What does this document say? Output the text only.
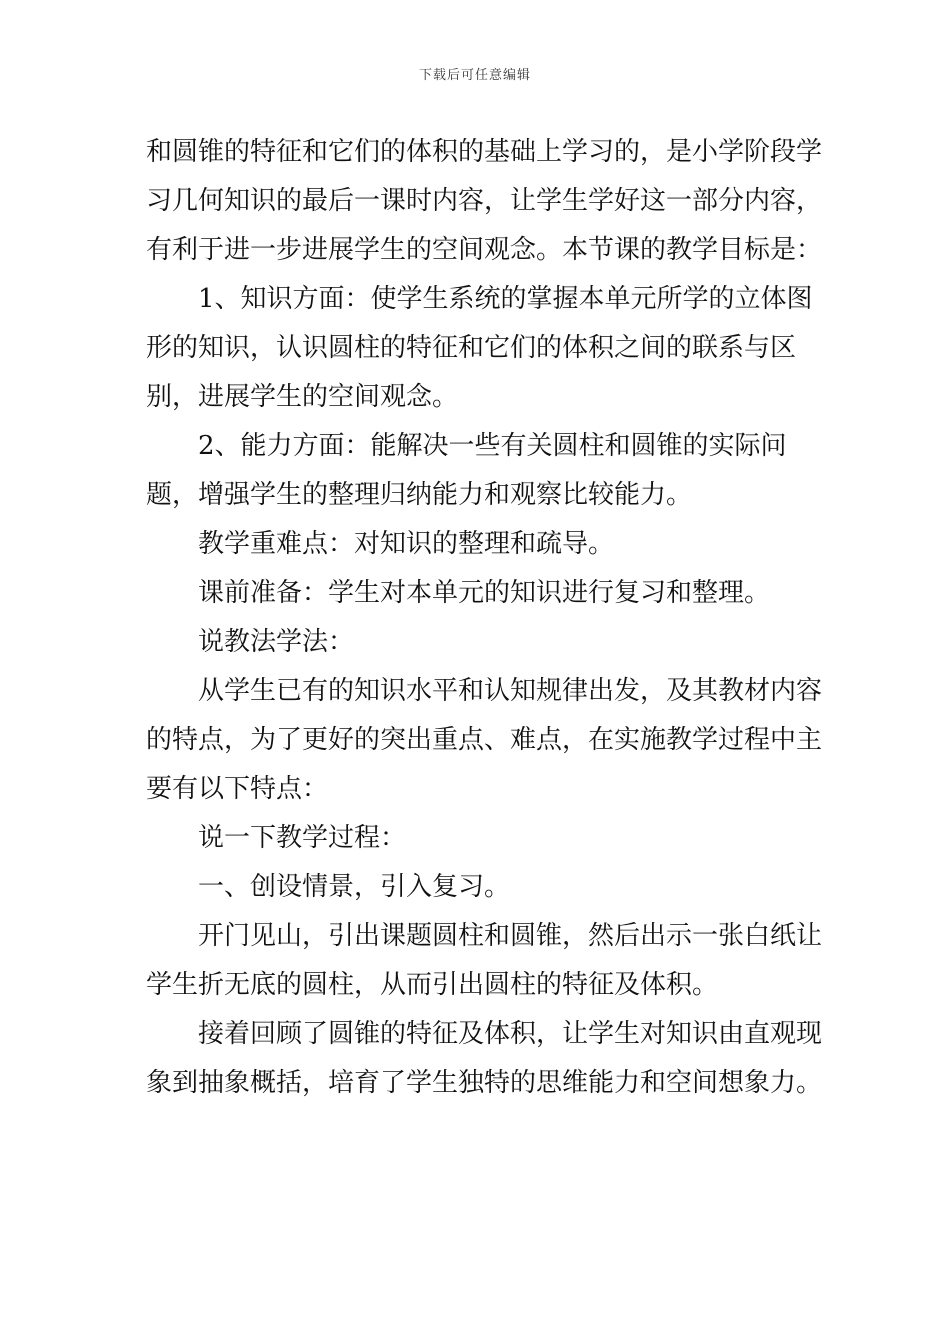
下载后可任意编辑

和圆锥的特征和它们的体积的基础上学习的，是小学阶段学习几何知识的最后一课时内容，让学生学好这一部分内容，有利于进一步进展学生的空间观念。本节课的教学目标是：

1、知识方面：使学生系统的掌握本单元所学的立体图形的知识，认识圆柱的特征和它们的体积之间的联系与区别，进展学生的空间观念。

2、能力方面：能解决一些有关圆柱和圆锥的实际问题，增强学生的整理归纳能力和观察比较能力。

教学重难点：对知识的整理和疏导。

课前准备：学生对本单元的知识进行复习和整理。

说教法学法：

从学生已有的知识水平和认知规律出发，及其教材内容的特点，为了更好的突出重点、难点，在实施教学过程中主要有以下特点：

说一下教学过程：

一、创设情景，引入复习。

开门见山，引出课题圆柱和圆锥，然后出示一张白纸让学生折无底的圆柱，从而引出圆柱的特征及体积。

接着回顾了圆锥的特征及体积，让学生对知识由直观现象到抽象概括，培育了学生独特的思维能力和空间想象力。
